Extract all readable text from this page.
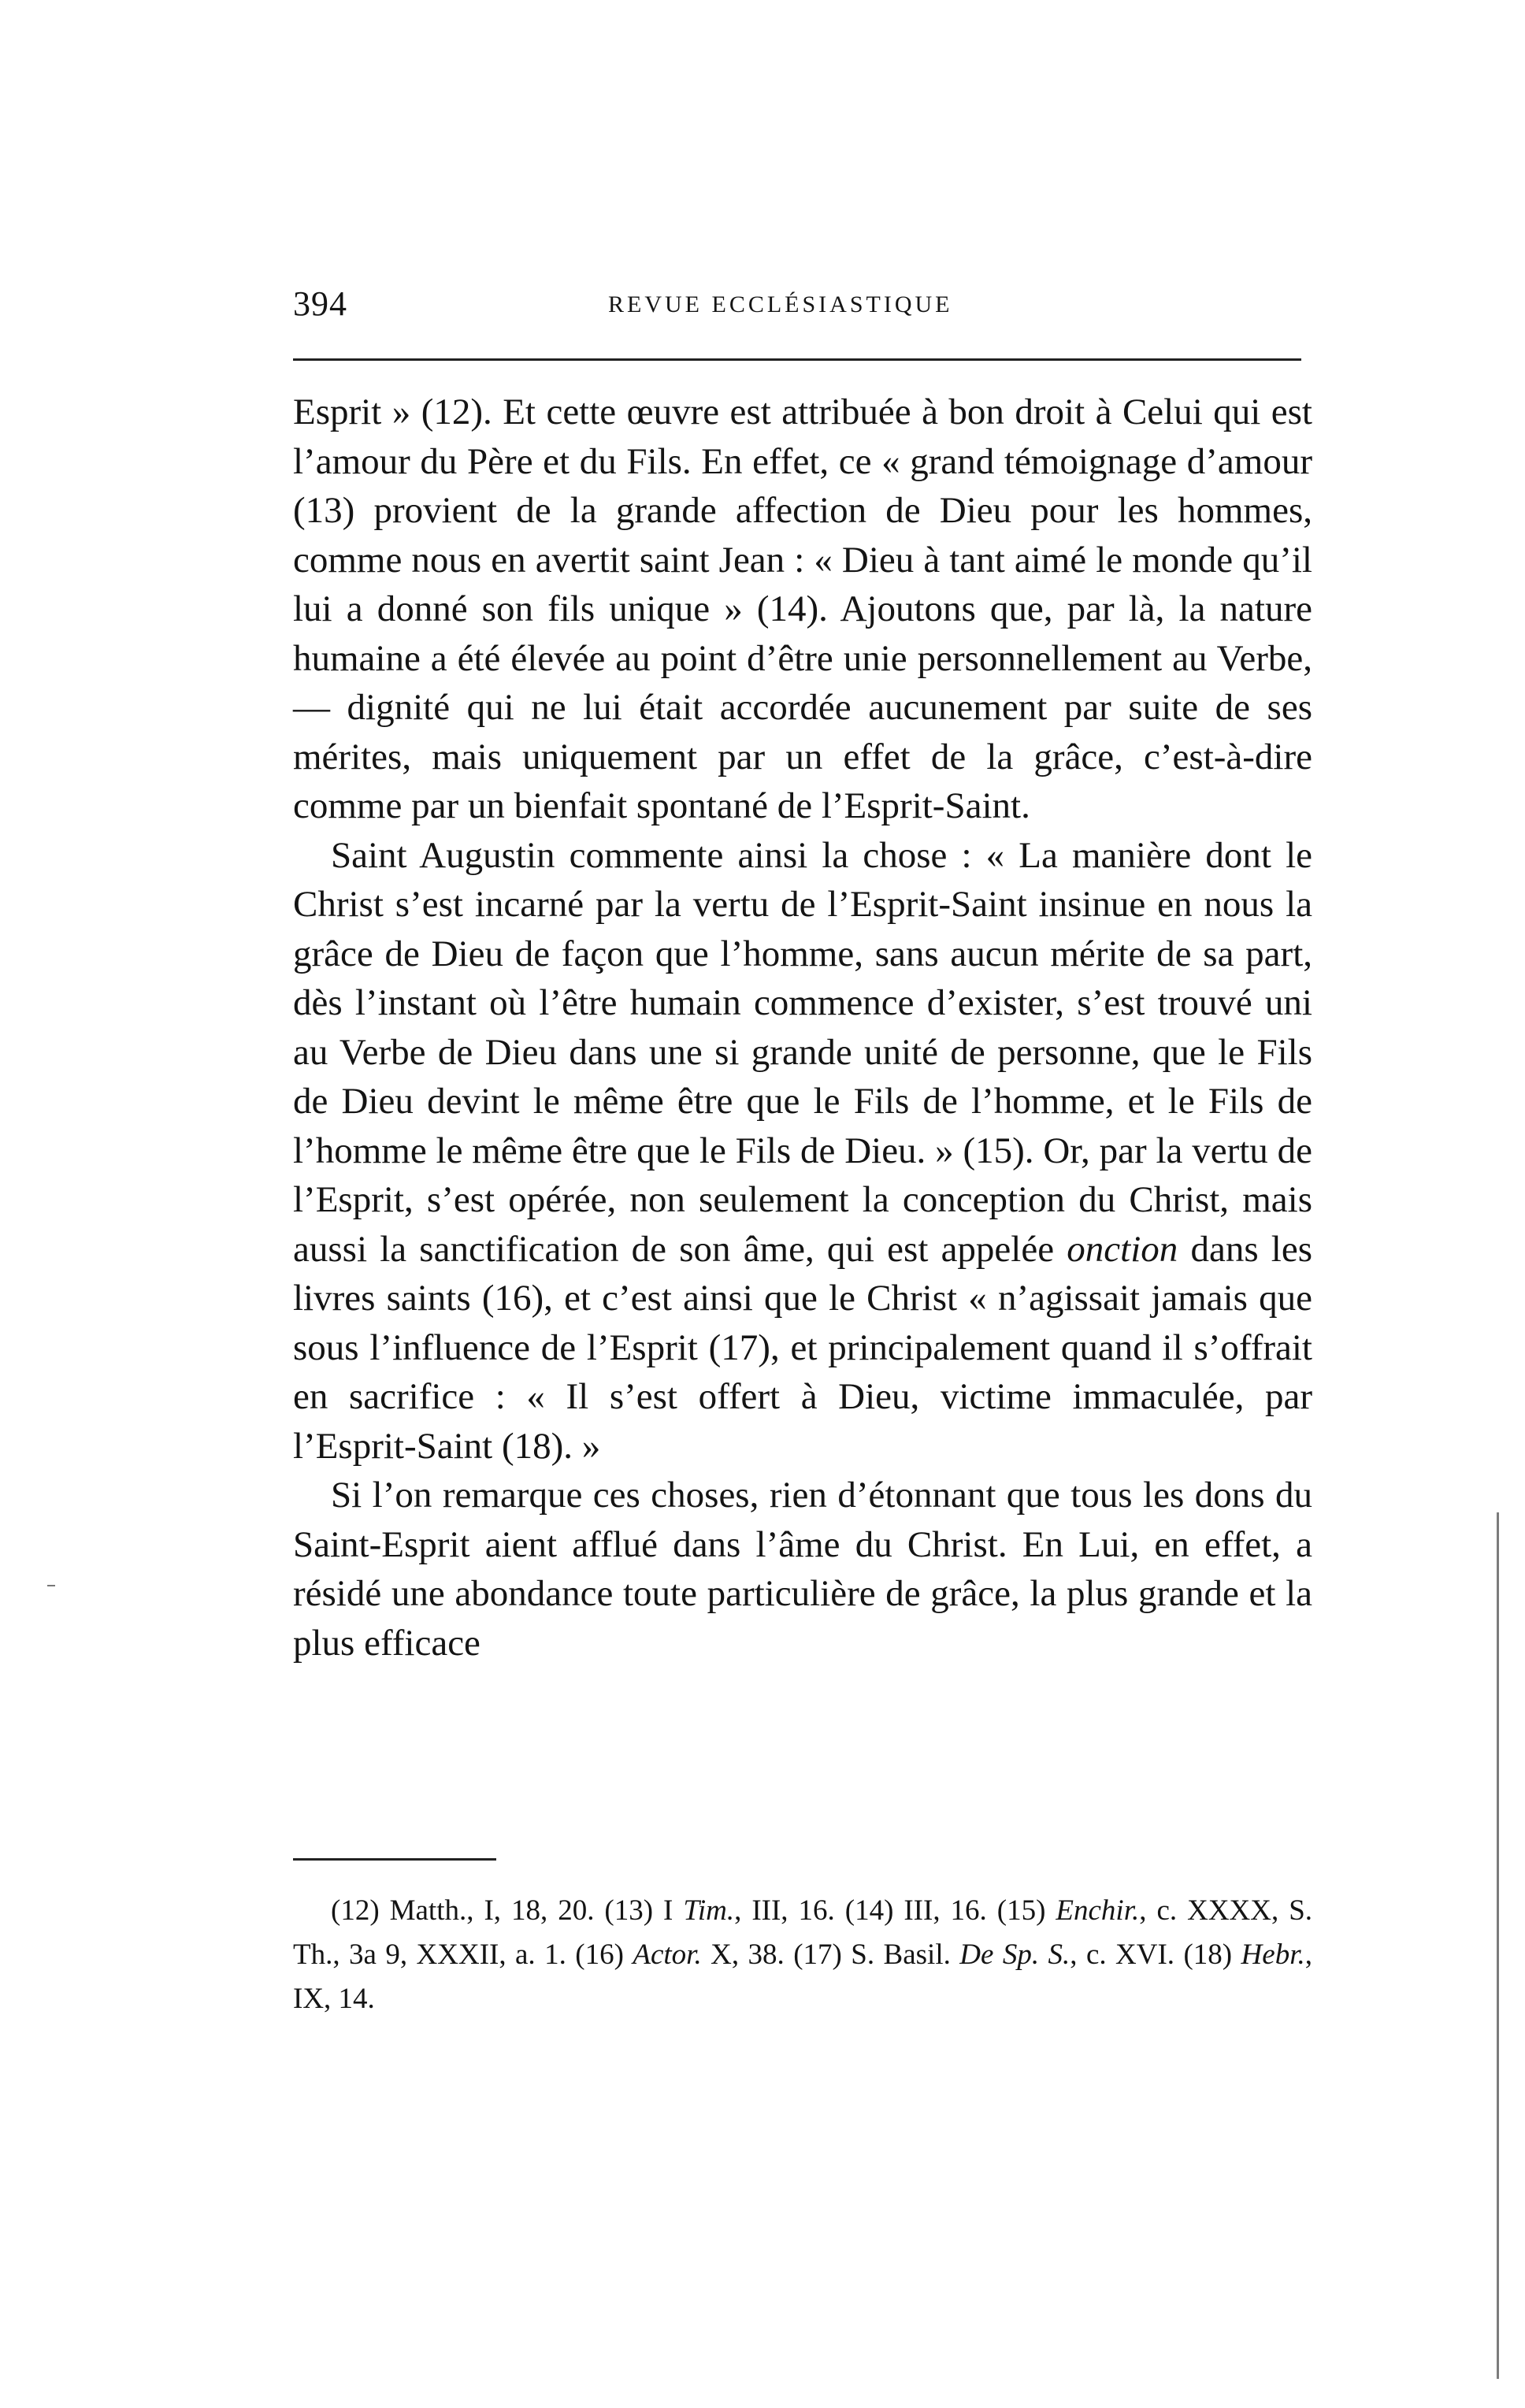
394	REVUE ECCLÉSIASTIQUE

Esprit » (12). Et cette œuvre est attribuée à bon droit à Celui qui est l’amour du Père et du Fils. En effet, ce « grand témoignage d’amour (13) provient de la grande affection de Dieu pour les hommes, comme nous en avertit saint Jean : « Dieu à tant aimé le monde qu’il lui a donné son fils unique » (14). Ajoutons que, par là, la nature humaine a été élevée au point d’être unie personnellement au Verbe, — dignité qui ne lui était accordée aucunement par suite de ses mérites, mais uniquement par un effet de la grâce, c’est-à-dire comme par un bienfait spontané de l’Esprit-Saint.

Saint Augustin commente ainsi la chose : « La manière dont le Christ s’est incarné par la vertu de l’Esprit-Saint insinue en nous la grâce de Dieu de façon que l’homme, sans aucun mérite de sa part, dès l’instant où l’être humain commence d’exister, s’est trouvé uni au Verbe de Dieu dans une si grande unité de personne, que le Fils de Dieu devint le même être que le Fils de l’homme, et le Fils de l’homme le même être que le Fils de Dieu. » (15). Or, par la vertu de l’Esprit, s’est opérée, non seulement la conception du Christ, mais aussi la sanctification de son âme, qui est appelée onction dans les livres saints (16), et c’est ainsi que le Christ « n’agissait jamais que sous l’influence de l’Esprit (17), et principalement quand il s’offrait en sacrifice : « Il s’est offert à Dieu, victime immaculée, par l’Esprit-Saint (18). »

Si l’on remarque ces choses, rien d’étonnant que tous les dons du Saint-Esprit aient afflué dans l’âme du Christ. En Lui, en effet, a résidé une abondance toute particulière de grâce, la plus grande et la plus efficace

(12) Matth., I, 18, 20. (13) I Tim., III, 16. (14) III, 16. (15) Enchir., c. XXXX, S. Th., 3a 9, XXXII, a. 1. (16) Actor. X, 38. (17) S. Basil. De Sp. S., c. XVI. (18) Hebr., IX, 14.
